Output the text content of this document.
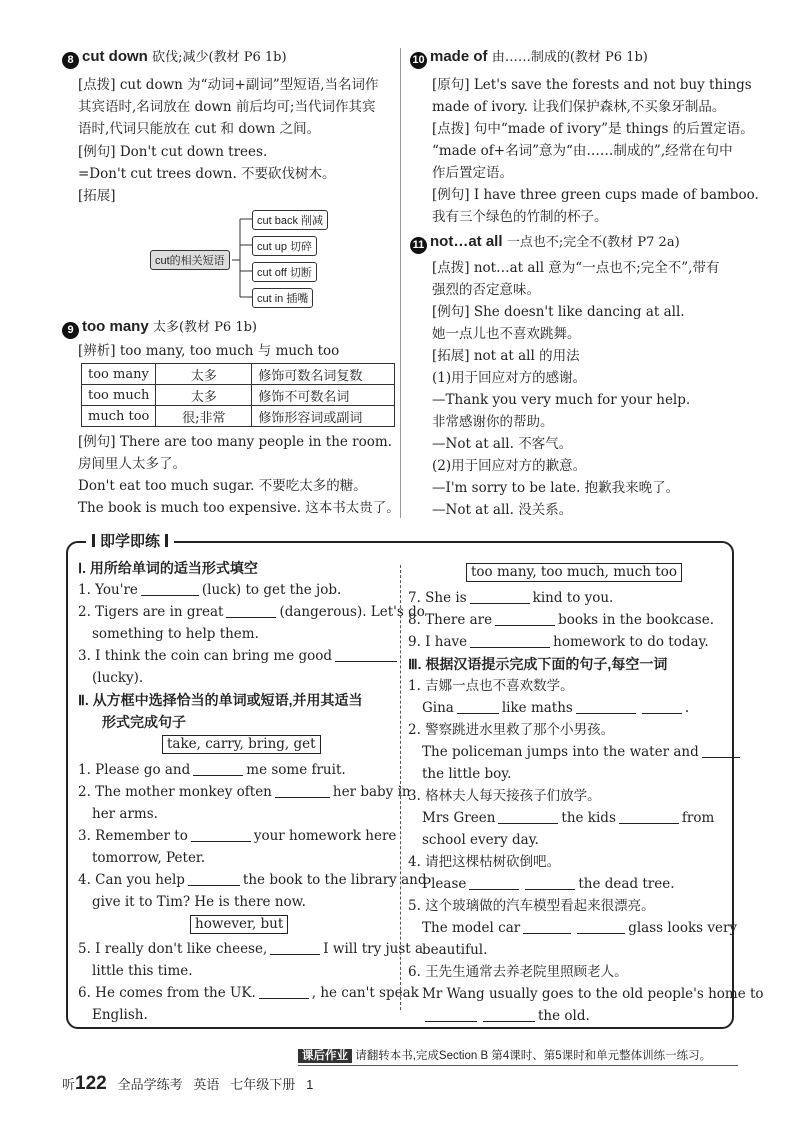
8 cut down 砍伐;减少(教材 P6 1b)
[点拨] cut down 为“动词+副词”型短语,当名词作
其宾语时,名词放在 down 前后均可;当代词作其宾
语时,代词只能放在 cut 和 down 之间。
[例句] Don't cut down trees.
=Don't cut trees down. 不要砍伐树木。
[拓展]
cut的相关短语
cut back 削减
cut up 切碎
cut off 切断
cut in 插嘴
9 too many 太多(教材 P6 1b)
[辨析] too many, too much 与 much too
too many	太多	修饰可数名词复数
too much	太多	修饰不可数名词
much too	很;非常	修饰形容词或副词
[例句] There are too many people in the room.
房间里人太多了。
Don't eat too much sugar. 不要吃太多的糖。
The book is much too expensive. 这本书太贵了。
10 made of 由……制成的(教材 P6 1b)
[原句] Let's save the forests and not buy things
made of ivory. 让我们保护森林,不买象牙制品。
[点拨] 句中“made of ivory”是 things 的后置定语。
“made of+名词”意为“由……制成的”,经常在句中
作后置定语。
[例句] I have three green cups made of bamboo.
我有三个绿色的竹制的杯子。
11 not…at all 一点也不;完全不(教材 P7 2a)
[点拨] not…at all 意为“一点也不;完全不”,带有
强烈的否定意味。
[例句] She doesn't like dancing at all.
她一点儿也不喜欢跳舞。
[拓展] not at all 的用法
(1)用于回应对方的感谢。
—Thank you very much for your help.
非常感谢你的帮助。
—Not at all. 不客气。
(2)用于回应对方的歉意。
—I'm sorry to be late. 抱歉我来晚了。
—Not at all. 没关系。
即学即练
Ⅰ. 用所给单词的适当形式填空
1. You're	(luck) to get the job.
2. Tigers are in great	(dangerous). Let's do
something to help them.
3. I think the coin can bring me good
(lucky).
Ⅱ. 从方框中选择恰当的单词或短语,并用其适当
形式完成句子
take, carry, bring, get
1. Please go and	me some fruit.
2. The mother monkey often	her baby in
her arms.
3. Remember to	your homework here
tomorrow, Peter.
4. Can you help	the book to the library and
give it to Tim? He is there now.
however, but
5. I really don't like cheese,	I will try just a
little this time.
6. He comes from the UK.	, he can't speak
English.
too many, too much, much too
7. She is	kind to you.
8. There are	books in the bookcase.
9. I have	homework to do today.
Ⅲ. 根据汉语提示完成下面的句子,每空一词
1. 吉娜一点也不喜欢数学。
Gina	like maths	.
2. 警察跳进水里救了那个小男孩。
The policeman jumps into the water and
the little boy.
3. 格林夫人每天接孩子们放学。
Mrs Green	the kids	from
school every day.
4. 请把这棵枯树砍倒吧。
Please	the dead tree.
5. 这个玻璃做的汽车模型看起来很漂亮。
The model car	glass looks very
beautiful.
6. 王先生通常去养老院里照顾老人。
Mr Wang usually goes to the old people's home to
the old.
课后作业 请翻转本书,完成Section B 第4课时、第5课时和单元整体训练一练习。
听122 全品学练考 英语 七年级下册 1
